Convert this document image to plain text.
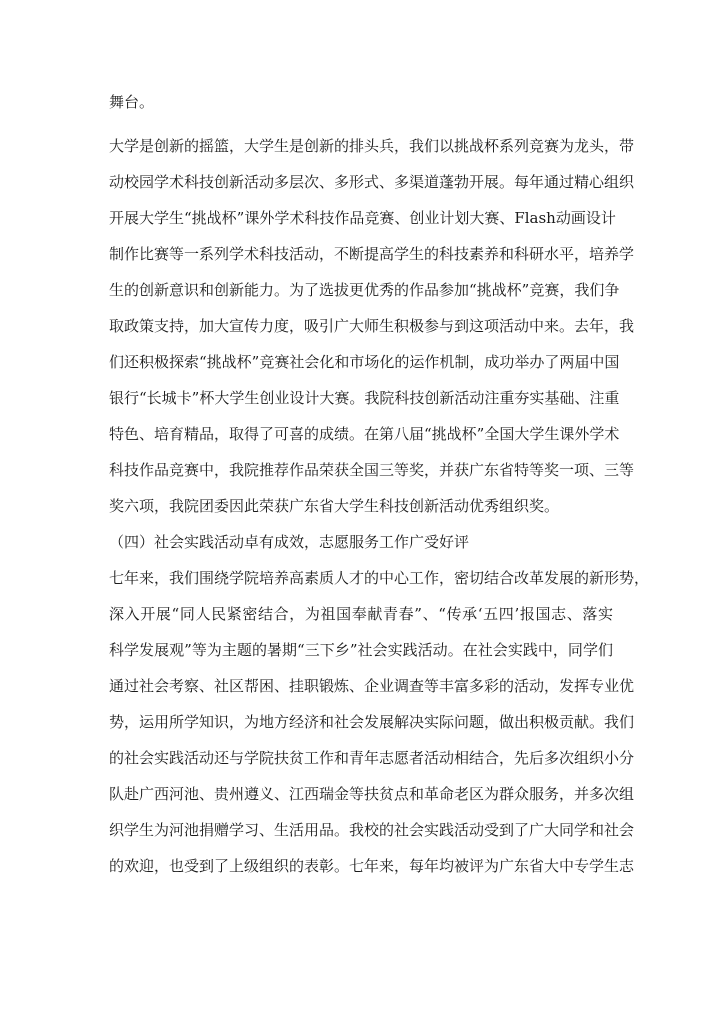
舞台。
大学是创新的摇篮，大学生是创新的排头兵，我们以挑战杯系列竞赛为龙头，带
动校园学术科技创新活动多层次、多形式、多渠道蓬勃开展。每年通过精心组织
开展大学生“挑战杯”课外学术科技作品竞赛、创业计划大赛、Flash动画设计
制作比赛等一系列学术科技活动，不断提高学生的科技素养和科研水平，培养学
生的创新意识和创新能力。为了选拔更优秀的作品参加“挑战杯”竞赛，我们争
取政策支持，加大宣传力度，吸引广大师生积极参与到这项活动中来。去年，我
们还积极探索“挑战杯”竞赛社会化和市场化的运作机制，成功举办了两届中国
银行“长城卡”杯大学生创业设计大赛。我院科技创新活动注重夯实基础、注重
特色、培育精品，取得了可喜的成绩。在第八届“挑战杯”全国大学生课外学术
科技作品竞赛中，我院推荐作品荣获全国三等奖，并获广东省特等奖一项、三等
奖六项，我院团委因此荣获广东省大学生科技创新活动优秀组织奖。
（四）社会实践活动卓有成效，志愿服务工作广受好评
七年来，我们围绕学院培养高素质人才的中心工作，密切结合改革发展的新形势，
深入开展“同人民紧密结合，为祖国奉献青春”、“传承‘五四’报国志、落实
科学发展观”等为主题的暑期“三下乡”社会实践活动。在社会实践中，同学们
通过社会考察、社区帮困、挂职锻炼、企业调查等丰富多彩的活动，发挥专业优
势，运用所学知识，为地方经济和社会发展解决实际问题，做出积极贡献。我们
的社会实践活动还与学院扶贫工作和青年志愿者活动相结合，先后多次组织小分
队赴广西河池、贵州遵义、江西瑞金等扶贫点和革命老区为群众服务，并多次组
织学生为河池捐赠学习、生活用品。我校的社会实践活动受到了广大同学和社会
的欢迎，也受到了上级组织的表彰。七年来，每年均被评为广东省大中专学生志
